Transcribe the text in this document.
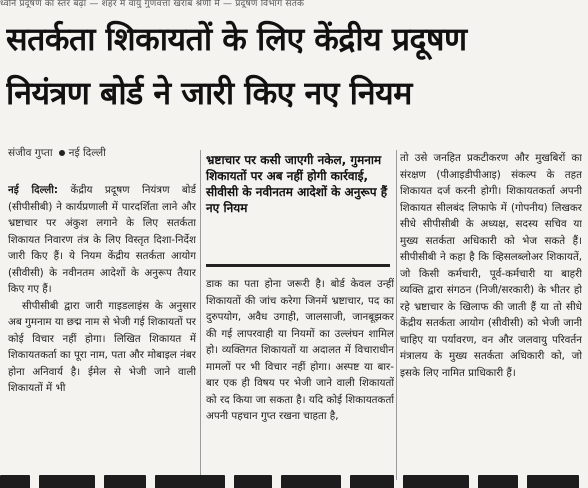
ध्वनि प्रदूषण का स्तर बढ़ा — शहर में वायु गुणवत्ता खराब श्रेणी में — प्रदूषण विभाग सतर्क
सतर्कता शिकायतों के लिए केंद्रीय प्रदूषण
नियंत्रण बोर्ड ने जारी किए नए नियम
संजीव गुप्ता नई दिल्ली

नई दिल्ली: केंद्रीय प्रदूषण नियंत्रण बोर्ड (सीपीसीबी) ने कार्यप्रणाली में पारदर्शिता लाने और भ्रष्टाचार पर अंकुश लगाने के लिए सतर्कता शिकायत निवारण तंत्र के लिए विस्तृत दिशा-निर्देश जारी किए हैं। ये नियम केंद्रीय सतर्कता आयोग (सीवीसी) के नवीनतम आदेशों के अनुरूप तैयार किए गए हैं।

सीपीसीबी द्वारा जारी गाइडलाइंस के अनुसार अब गुमनाम या छद्म नाम से भेजी गई शिकायतों पर कोई विचार नहीं होगा। लिखित शिकायत में शिकायतकर्ता का पूरा नाम, पता और मोबाइल नंबर होना अनिवार्य है। ईमेल से भेजी जाने वाली शिकायतों में भी

भ्रष्टाचार पर कसी जाएगी नकेल, गुमनाम शिकायतों पर अब नहीं होगी कार्रवाई, सीवीसी के नवीनतम आदेशों के अनुरूप हैं नए नियम
डाक का पता होना जरूरी है। बोर्ड केवल उन्हीं शिकायतों की जांच करेगा जिनमें भ्रष्टाचार, पद का दुरुपयोग, अवैध उगाही, जालसाजी, जानबूझकर की गई लापरवाही या नियमों का उल्लंघन शामिल हो। व्यक्तिगत शिकायतों या अदालत में विचाराधीन मामलों पर भी विचार नहीं होगा। अस्पष्ट या बार-बार एक ही विषय पर भेजी जाने वाली शिकायतों को रद किया जा सकता है। यदि कोई शिकायतकर्ता अपनी पहचान गुप्त रखना चाहता है,
तो उसे जनहित प्रकटीकरण और मुखबिरों का संरक्षण (पीआइडीपीआइ) संकल्प के तहत शिकायत दर्ज करनी होगी। शिकायतकर्ता अपनी शिकायत सीलबंद लिफाफे में (गोपनीय) लिखकर सीधे सीपीसीबी के अध्यक्ष, सदस्य सचिव या मुख्य सतर्कता अधिकारी को भेज सकते हैं। सीपीसीबी ने कहा है कि व्हिसलब्लोअर शिकायतें, जो किसी कर्मचारी, पूर्व-कर्मचारी या बाहरी व्यक्ति द्वारा संगठन (निजी/सरकारी) के भीतर हो रहे भ्रष्टाचार के खिलाफ की जाती हैं या तो सीधे केंद्रीय सतर्कता आयोग (सीवीसी) को भेजी जानी चाहिए या पर्यावरण, वन और जलवायु परिवर्तन मंत्रालय के मुख्य सतर्कता अधिकारी को, जो इसके लिए नामित प्राधिकारी हैं।
